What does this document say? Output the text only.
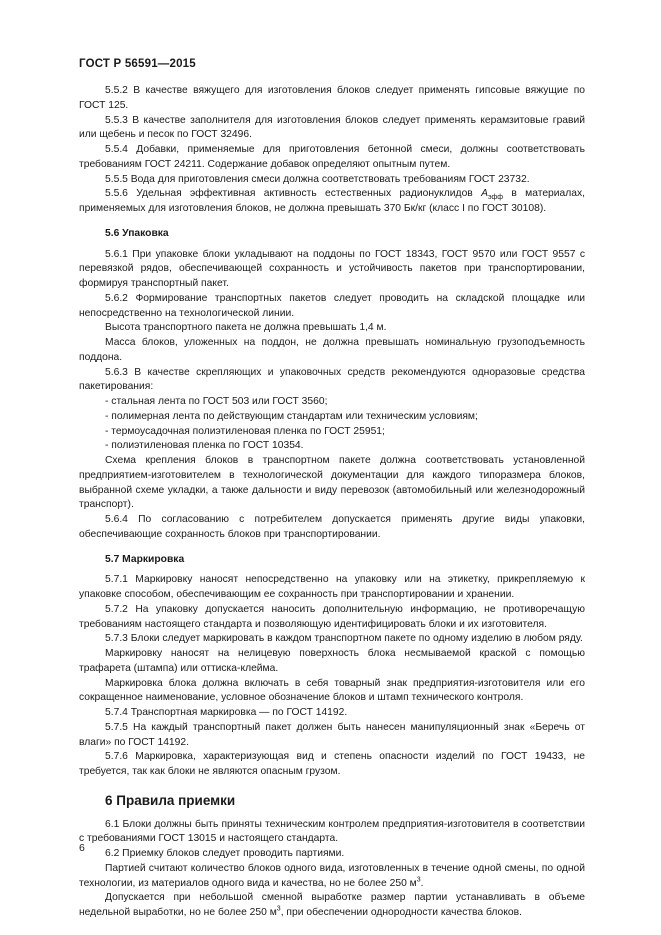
ГОСТ Р 56591—2015

5.5.2 В качестве вяжущего для изготовления блоков следует применять гипсовые вяжущие по ГОСТ 125.

5.5.3 В качестве заполнителя для изготовления блоков следует применять керамзитовые гравий или щебень и песок по ГОСТ 32496.

5.5.4 Добавки, применяемые для приготовления бетонной смеси, должны соответствовать требованиям ГОСТ 24211. Содержание добавок определяют опытным путем.

5.5.5 Вода для приготовления смеси должна соответствовать требованиям ГОСТ 23732.

5.5.6 Удельная эффективная активность естественных радионуклидов $A_{эфф}$ в материалах, применяемых для изготовления блоков, не должна превышать 370 Бк/кг (класс I по ГОСТ 30108).

5.6 Упаковка

5.6.1 При упаковке блоки укладывают на поддоны по ГОСТ 18343, ГОСТ 9570 или ГОСТ 9557 с перевязкой рядов, обеспечивающей сохранность и устойчивость пакетов при транспортировании, формируя транспортный пакет.

5.6.2 Формирование транспортных пакетов следует проводить на складской площадке или непосредственно на технологической линии.

Высота транспортного пакета не должна превышать 1,4 м.

Масса блоков, уложенных на поддон, не должна превышать номинальную грузоподъемность поддона.

5.6.3 В качестве скрепляющих и упаковочных средств рекомендуются одноразовые средства пакетирования:

- стальная лента по ГОСТ 503 или ГОСТ 3560;

- полимерная лента по действующим стандартам или техническим условиям;

- термоусадочная полиэтиленовая пленка по ГОСТ 25951;

- полиэтиленовая пленка по ГОСТ 10354.

Схема крепления блоков в транспортном пакете должна соответствовать установленной предприятием-изготовителем в технологической документации для каждого типоразмера блоков, выбранной схеме укладки, а также дальности и виду перевозок (автомобильный или железнодорожный транспорт).

5.6.4 По согласованию с потребителем допускается применять другие виды упаковки, обеспечивающие сохранность блоков при транспортировании.

5.7 Маркировка

5.7.1 Маркировку наносят непосредственно на упаковку или на этикетку, прикрепляемую к упаковке способом, обеспечивающим ее сохранность при транспортировании и хранении.

5.7.2 На упаковку допускается наносить дополнительную информацию, не противоречащую требованиям настоящего стандарта и позволяющую идентифицировать блоки и их изготовителя.

5.7.3 Блоки следует маркировать в каждом транспортном пакете по одному изделию в любом ряду.

Маркировку наносят на нелицевую поверхность блока несмываемой краской с помощью трафарета (штампа) или оттиска-клейма.

Маркировка блока должна включать в себя товарный знак предприятия-изготовителя или его сокращенное наименование, условное обозначение блоков и штамп технического контроля.

5.7.4 Транспортная маркировка — по ГОСТ 14192.

5.7.5 На каждый транспортный пакет должен быть нанесен манипуляционный знак «Беречь от влаги» по ГОСТ 14192.

5.7.6 Маркировка, характеризующая вид и степень опасности изделий по ГОСТ 19433, не требуется, так как блоки не являются опасным грузом.

6 Правила приемки

6.1 Блоки должны быть приняты техническим контролем предприятия-изготовителя в соответствии с требованиями ГОСТ 13015 и настоящего стандарта.

6.2 Приемку блоков следует проводить партиями.

Партией считают количество блоков одного вида, изготовленных в течение одной смены, по одной технологии, из материалов одного вида и качества, но не более 250 $м^3$.

Допускается при небольшой сменной выработке размер партии устанавливать в объеме недельной выработки, но не более 250 $м^3$, при обеспечении однородности качества блоков.

6
